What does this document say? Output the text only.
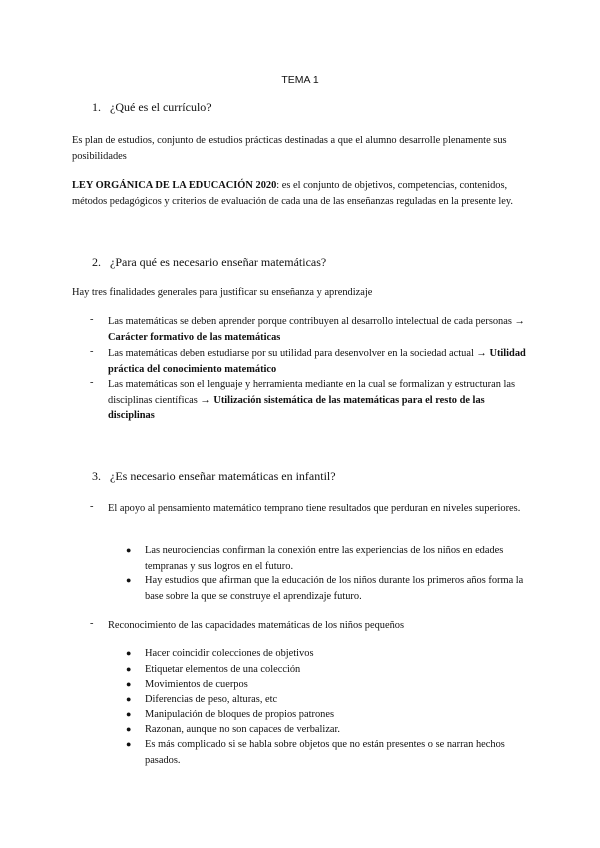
TEMA 1
1. ¿Qué es el currículo?

Es plan de estudios, conjunto de estudios prácticas destinadas a que el alumno desarrolle plenamente sus posibilidades

LEY ORGÁNICA DE LA EDUCACIÓN 2020: es el conjunto de objetivos, competencias, contenidos, métodos pedagógicos y criterios de evaluación de cada una de las enseñanzas reguladas en la presente ley.

2. ¿Para qué es necesario enseñar matemáticas?

Hay tres finalidades generales para justificar su enseñanza y aprendizaje

-	Las matemáticas se deben aprender porque contribuyen al desarrollo intelectual de cada personas → Carácter formativo de las matemáticas

-	Las matemáticas deben estudiarse por su utilidad para desenvolver en la sociedad actual → Utilidad práctica del conocimiento matemático

-	Las matemáticas son el lenguaje y herramienta mediante en la cual se formalizan y estructuran las disciplinas científicas → Utilización sistemática de las matemáticas para el resto de las disciplinas

3. ¿Es necesario enseñar matemáticas en infantil?
-	El apoyo al pensamiento matemático temprano tiene resultados que perduran en niveles superiores.

● Las neurociencias confirman la conexión entre las experiencias de los niños en edades tempranas y sus logros en el futuro.

● Hay estudios que afirman que la educación de los niños durante los primeros años forma la base sobre la que se construye el aprendizaje futuro.

-	Reconocimiento de las capacidades matemáticas de los niños pequeños

● Hacer coincidir colecciones de objetivos

● Etiquetar elementos de una colección

● Movimientos de cuerpos

● Diferencias de peso, alturas, etc

● Manipulación de bloques de propios patrones

● Razonan, aunque no son capaces de verbalizar.

● Es más complicado si se habla sobre objetos que no están presentes o se narran hechos pasados.
